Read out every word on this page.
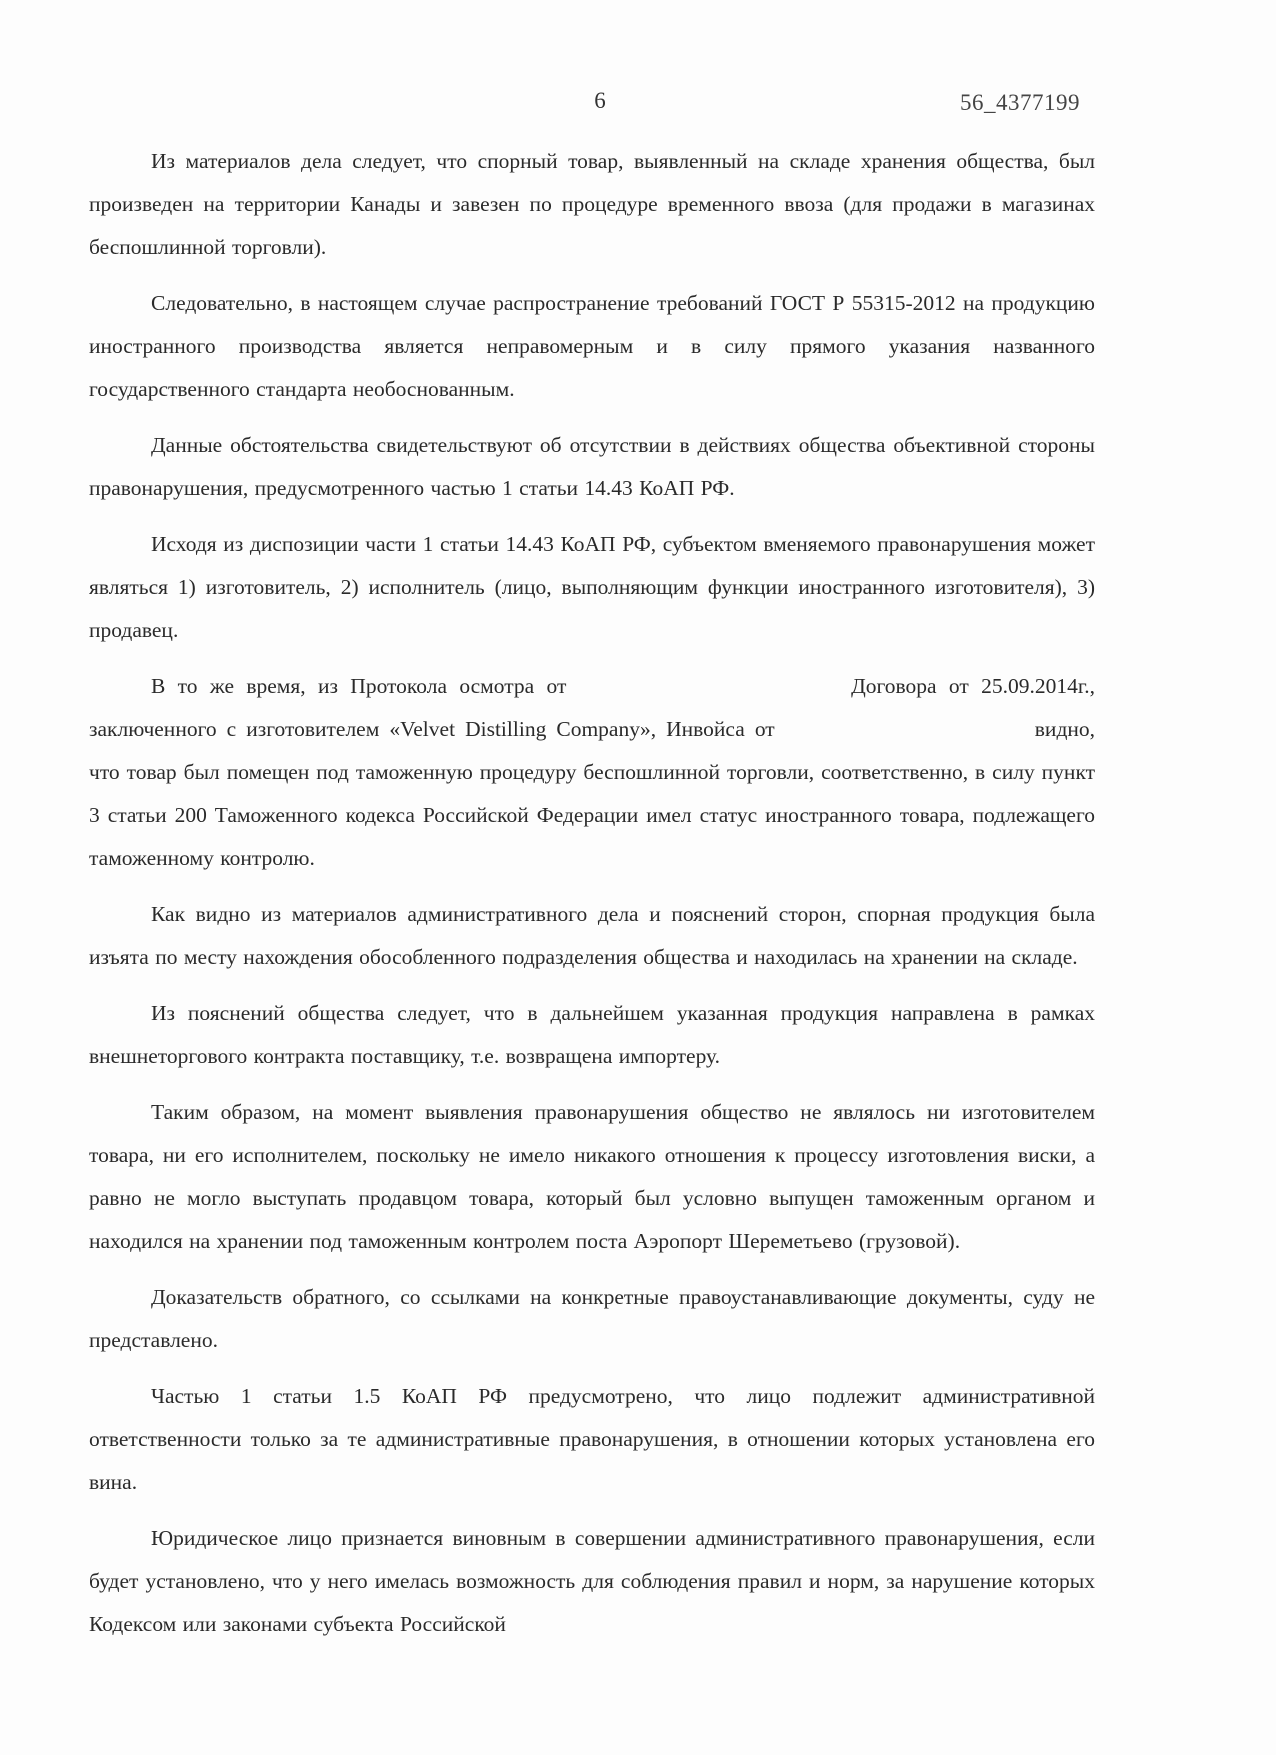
6	56_4377199

Из материалов дела следует, что спорный товар, выявленный на складе хранения общества, был произведен на территории Канады и завезен по процедуре временного ввоза (для продажи в магазинах беспошлинной торговли).

Следовательно, в настоящем случае распространение требований ГОСТ Р 55315-2012 на продукцию иностранного производства является неправомерным и в силу прямого указания названного государственного стандарта необоснованным.

Данные обстоятельства свидетельствуют об отсутствии в действиях общества объективной стороны правонарушения, предусмотренного частью 1 статьи 14.43 КоАП РФ.

Исходя из диспозиции части 1 статьи 14.43 КоАП РФ, субъектом вменяемого правонарушения может являться 1) изготовитель, 2) исполнитель (лицо, выполняющим функции иностранного изготовителя), 3) продавец.

В то же время, из Протокола осмотра от	Договора от 25.09.2014г., заключенного с изготовителем «Velvet Distilling Company», Инвойса от	видно, что товар был помещен под таможенную процедуру беспошлинной торговли, соответственно, в силу пункт 3 статьи 200 Таможенного кодекса Российской Федерации имел статус иностранного товара, подлежащего таможенному контролю.

Как видно из материалов административного дела и пояснений сторон, спорная продукция была изъята по месту нахождения обособленного подразделения общества и находилась на хранении на складе.

Из пояснений общества следует, что в дальнейшем указанная продукция направлена в рамках внешнеторгового контракта поставщику, т.е. возвращена импортеру.

Таким образом, на момент выявления правонарушения общество не являлось ни изготовителем товара, ни его исполнителем, поскольку не имело никакого отношения к процессу изготовления виски, а равно не могло выступать продавцом товара, который был условно выпущен таможенным органом и находился на хранении под таможенным контролем поста Аэропорт Шереметьево (грузовой).

Доказательств обратного, со ссылками на конкретные правоустанавливающие документы, суду не представлено.

Частью 1 статьи 1.5 КоАП РФ предусмотрено, что лицо подлежит административной ответственности только за те административные правонарушения, в отношении которых установлена его вина.

Юридическое лицо признается виновным в совершении административного правонарушения, если будет установлено, что у него имелась возможность для соблюдения правил и норм, за нарушение которых Кодексом или законами субъекта Российской
